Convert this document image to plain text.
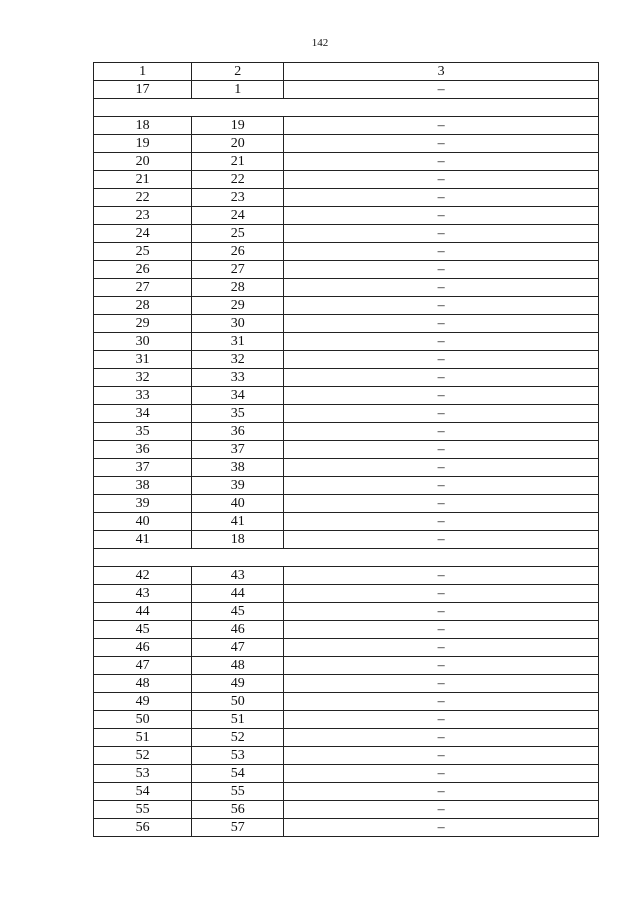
142
1	2	3
17	1	–

18	19	–
19	20	–
20	21	–
21	22	–
22	23	–
23	24	–
24	25	–
25	26	–
26	27	–
27	28	–
28	29	–
29	30	–
30	31	–
31	32	–
32	33	–
33	34	–
34	35	–
35	36	–
36	37	–
37	38	–
38	39	–
39	40	–
40	41	–
41	18	–

42	43	–
43	44	–
44	45	–
45	46	–
46	47	–
47	48	–
48	49	–
49	50	–
50	51	–
51	52	–
52	53	–
53	54	–
54	55	–
55	56	–
56	57	–
